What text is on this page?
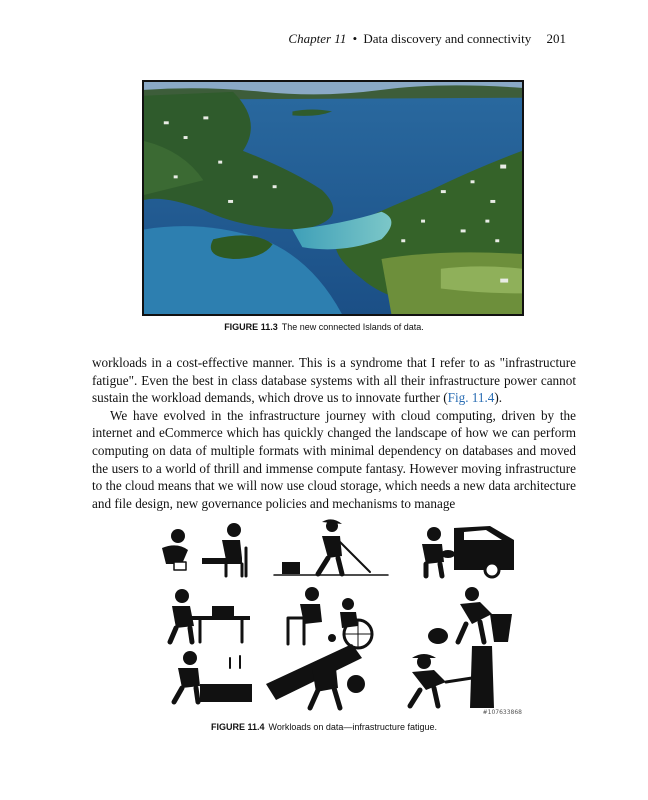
Chapter 11 • Data discovery and connectivity 201
FIGURE 11.3 The new connected Islands of data.

workloads in a cost-effective manner. This is a syndrome that I refer to as "infrastructure fatigue". Even the best in class database systems with all their infrastructure power cannot sustain the workload demands, which drove us to innovate further (Fig. 11.4).

We have evolved in the infrastructure journey with cloud computing, driven by the internet and eCommerce which has quickly changed the landscape of how we can perform computing on data of multiple formats with minimal dependency on databases and moved the users to a world of thrill and immense compute fantasy. However moving infrastructure to the cloud means that we will now use cloud storage, which needs a new data architecture and file design, new governance policies and mechanisms to manage

#107633868
FIGURE 11.4 Workloads on data—infrastructure fatigue.
